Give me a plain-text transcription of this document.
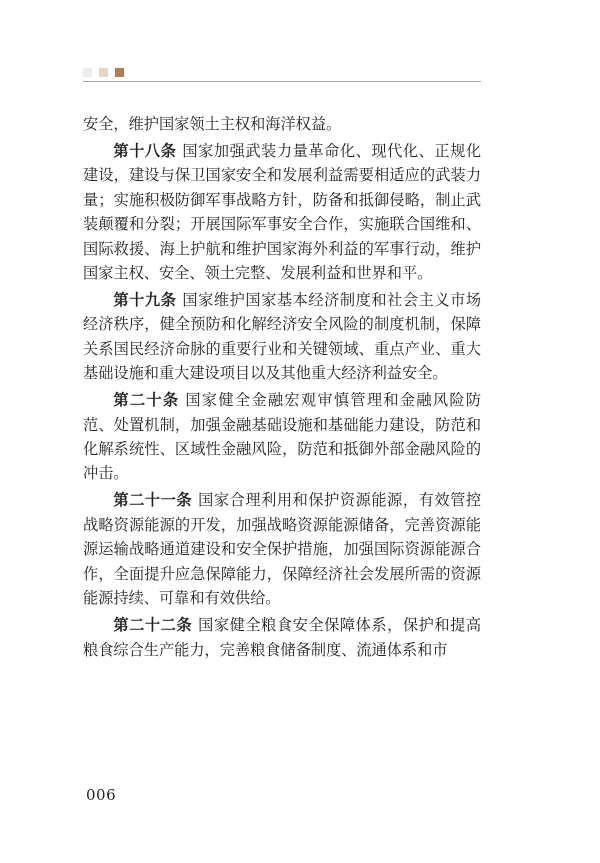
安全，维护国家领土主权和海洋权益。

第十八条 国家加强武装力量革命化、现代化、正规化建设，建设与保卫国家安全和发展利益需要相适应的武装力量；实施积极防御军事战略方针，防备和抵御侵略，制止武装颠覆和分裂；开展国际军事安全合作，实施联合国维和、国际救援、海上护航和维护国家海外利益的军事行动，维护国家主权、安全、领土完整、发展利益和世界和平。

第十九条 国家维护国家基本经济制度和社会主义市场经济秩序，健全预防和化解经济安全风险的制度机制，保障关系国民经济命脉的重要行业和关键领域、重点产业、重大基础设施和重大建设项目以及其他重大经济利益安全。

第二十条 国家健全金融宏观审慎管理和金融风险防范、处置机制，加强金融基础设施和基础能力建设，防范和化解系统性、区域性金融风险，防范和抵御外部金融风险的冲击。

第二十一条 国家合理利用和保护资源能源，有效管控战略资源能源的开发，加强战略资源能源储备，完善资源能源运输战略通道建设和安全保护措施，加强国际资源能源合作，全面提升应急保障能力，保障经济社会发展所需的资源能源持续、可靠和有效供给。

第二十二条 国家健全粮食安全保障体系，保护和提高粮食综合生产能力，完善粮食储备制度、流通体系和市

006
